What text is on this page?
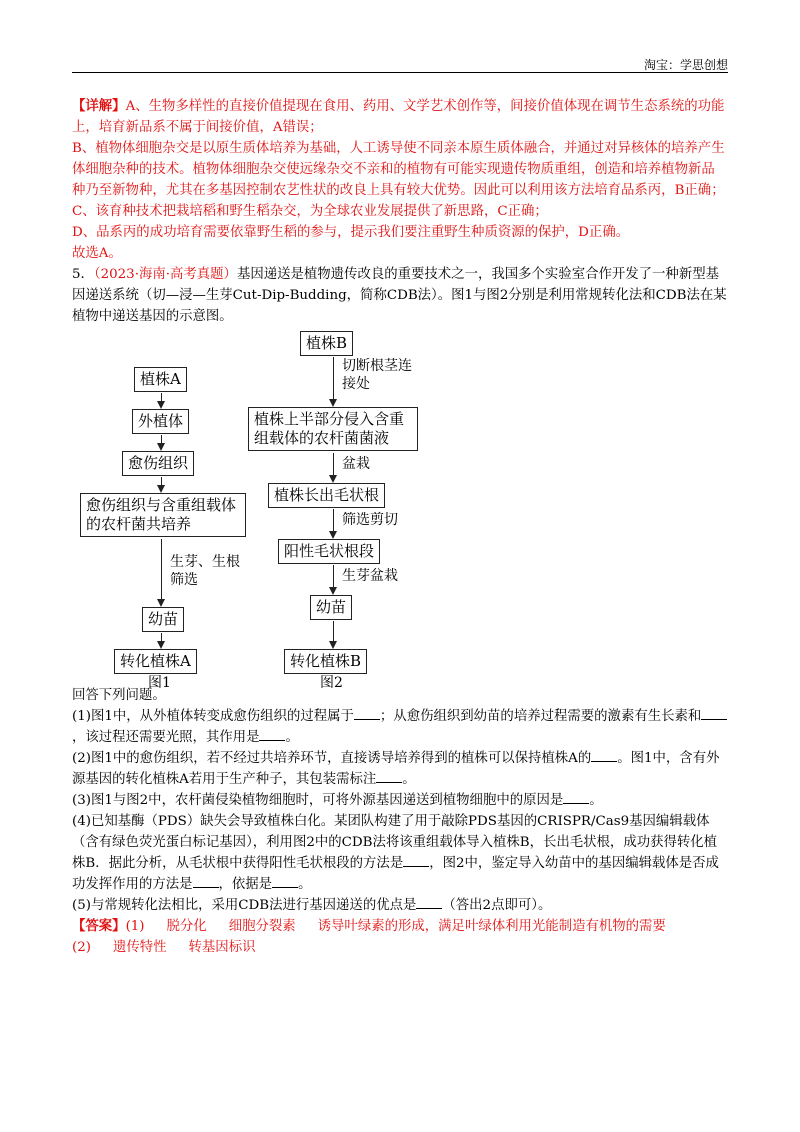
淘宝：学思创想

【详解】A、生物多样性的直接价值提现在食用、药用、文学艺术创作等，间接价值体现在调节生态系统的功能上，培育新品系不属于间接价值，A错误；

B、植物体细胞杂交是以原生质体培养为基础，人工诱导使不同亲本原生质体融合，并通过对异核体的培养产生体细胞杂种的技术。植物体细胞杂交使远缘杂交不亲和的植物有可能实现遗传物质重组，创造和培养植物新品种乃至新物种，尤其在多基因控制农艺性状的改良上具有较大优势。因此可以利用该方法培育品系丙，B正确；

C、该育种技术把栽培稻和野生稻杂交，为全球农业发展提供了新思路，C正确；

D、品系丙的成功培育需要依靠野生稻的参与，提示我们要注重野生种质资源的保护，D正确。

故选A。

5．（2023·海南·高考真题）基因递送是植物遗传改良的重要技术之一，我国多个实验室合作开发了一种新型基因递送系统（切—浸—生芽Cut-Dip-Budding，简称CDB法）。图1与图2分别是利用常规转化法和CDB法在某植物中递送基因的示意图。

植株A
外植体
愈伤组织
愈伤组织与含重组载体的农杆菌共培养
生芽、生根筛选
幼苗
转化植株A
图1
植株B
切断根茎连接处
植株上半部分侵入含重组载体的农杆菌菌液
盆栽
植株长出毛状根
筛选剪切
阳性毛状根段
生芽盆栽
幼苗
转化植株B
图2

回答下列问题。

(1)图1中，从外植体转变成愈伤组织的过程属于 ；从愈伤组织到幼苗的培养过程需要的激素有生长素和，该过程还需要光照，其作用是 。

(2)图1中的愈伤组织，若不经过共培养环节，直接诱导培养得到的植株可以保持植株A的 。图1中，含有外源基因的转化植株A若用于生产种子，其包装需标注 。

(3)图1与图2中，农杆菌侵染植物细胞时，可将外源基因递送到植物细胞中的原因是 。

(4)已知基酶（PDS）缺失会导致植株白化。某团队构建了用于敲除PDS基因的CRISPR/Cas9基因编辑载体（含有绿色荧光蛋白标记基因），利用图2中的CDB法将该重组载体导入植株B，长出毛状根，成功获得转化植株B．据此分析，从毛状根中获得阳性毛状根段的方法是 ，图2中，鉴定导入幼苗中的基因编辑载体是否成功发挥作用的方法是 ，依据是 。

(5)与常规转化法相比，采用CDB法进行基因递送的优点是 （答出2点即可）。

【答案】(1) 脱分化 细胞分裂素 诱导叶绿素的形成，满足叶绿体利用光能制造有机物的需要

(2) 遗传特性 转基因标识
